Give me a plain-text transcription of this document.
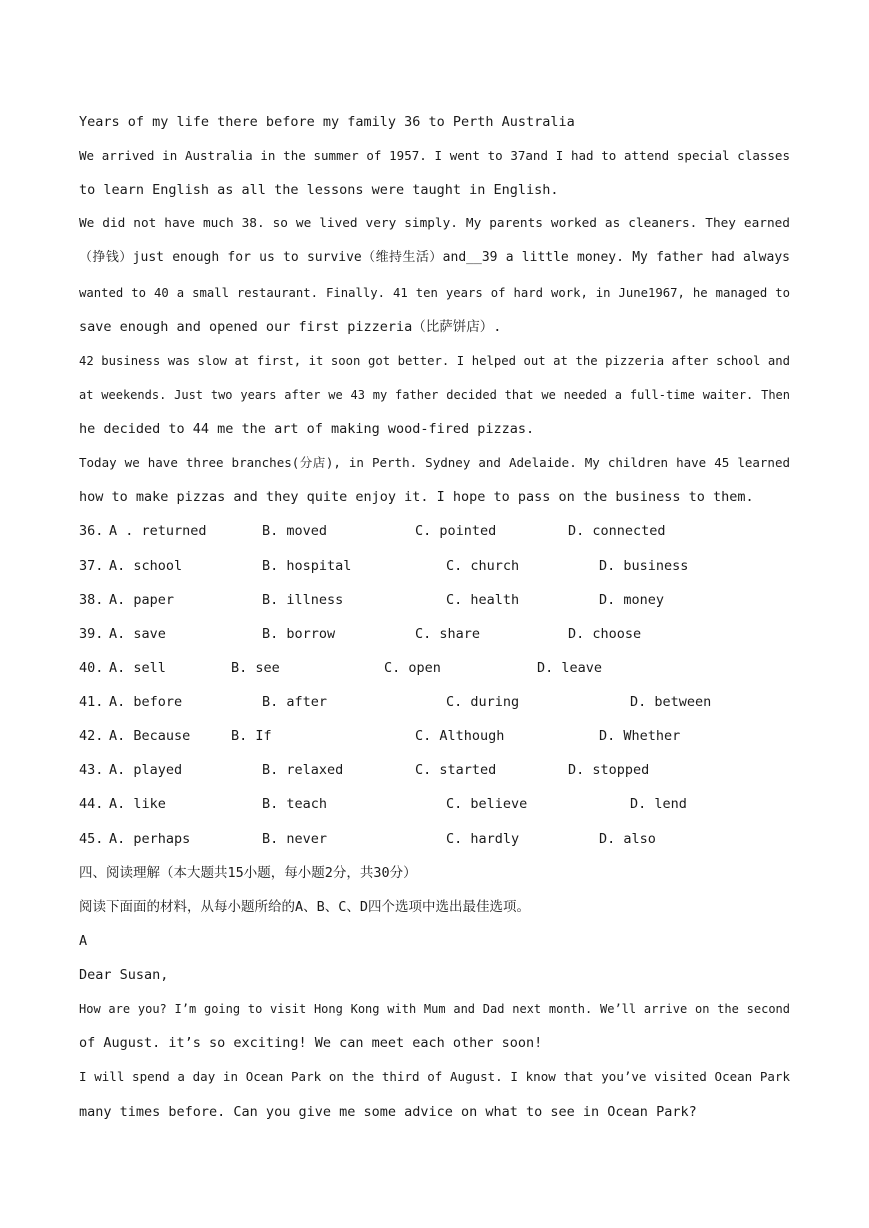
Years of my life there before my family 36 to Perth Australia
We arrived in Australia in the summer of 1957. I went to 37and I had to attend special classes
to learn English as all the lessons were taught in English.
We did not have much 38. so we lived very simply. My parents worked as cleaners. They earned
（挣钱）just enough for us to survive（维持生活）and__39 a little money. My father had always
wanted to 40 a small restaurant. Finally. 41 ten years of hard work, in June1967, he managed to
save enough and opened our first pizzeria（比萨饼店）.
42 business was slow at first, it soon got better. I helped out at the pizzeria after school and
at weekends. Just two years after we 43 my father decided that we needed a full-time waiter. Then
he decided to 44 me the art of making wood-fired pizzas.
Today we have three branches(分店), in Perth. Sydney and Adelaide. My children have 45 learned
how to make pizzas and they quite enjoy it. I hope to pass on the business to them.
36. A . returned	B. moved	C. pointed	D. connected
37. A. school	B. hospital	C. church	D. business
38. A. paper	B. illness	C. health	D. money
39. A. save	B. borrow	C. share	D. choose
40. A. sell	B. see	C. open	D. leave
41. A. before	B. after	C. during	D. between
42. A. Because	B. If	C. Although	D. Whether
43. A. played	B. relaxed	C. started	D. stopped
44. A. like	B. teach	C. believe	D. lend
45. A. perhaps	B. never	C. hardly	D. also
四、阅读理解（本大题共15小题，每小题2分，共30分）
阅读下面面的材料，从每小题所给的A、B、C、D四个选项中选出最佳选项。
A
Dear Susan,
How are you? I’m going to visit Hong Kong with Mum and Dad next month. We’ll arrive on the second
of August. it’s so exciting! We can meet each other soon!
I will spend a day in Ocean Park on the third of August. I know that you’ve visited Ocean Park
many times before. Can you give me some advice on what to see in Ocean Park?
